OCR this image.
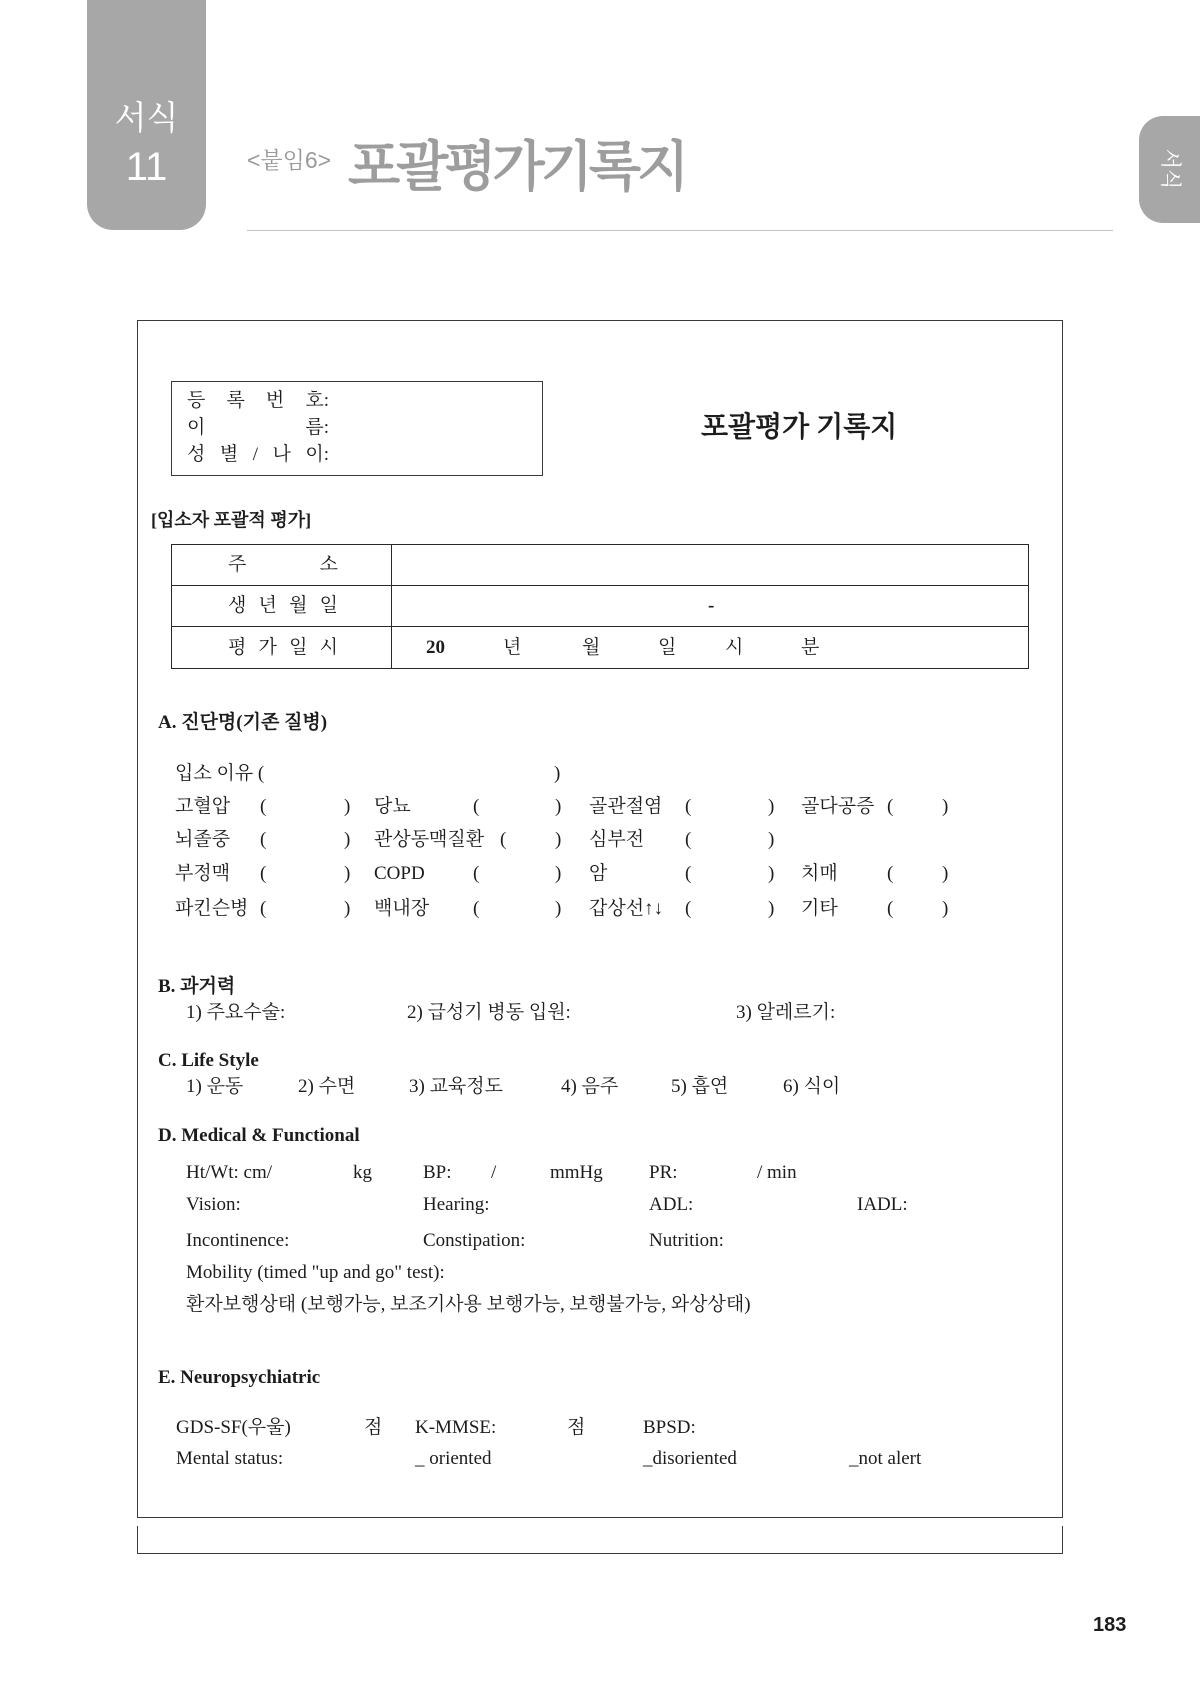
서식
11	<붙임6> 포괄평가기록지	서식
등 록 번 호:
이 름:
성 별 / 나 이:
포괄평가 기록지
[입소자 포괄적 평가]
주 소
생 년 월 일	-
평 가 일 시	20	년	월	일	시	분
A. 진단명(기존 질병)
입소 이유 (	)
고혈압 (	) 당뇨	(	) 골관절염 (	) 골다공증 (	)
뇌졸중 (	) 관상동맥질환 (	) 심부전 (	)
부정맥 (	) COPD	(	) 암	(	) 치매	(	)
파킨슨병 (	) 백내장 (	) 갑상선↑↓ (	) 기타	(	)
B. 과거력
1) 주요수술:	2) 급성기 병동 입원:	3) 알레르기:
C. Life Style
1) 운동	2) 수면	3) 교육정도	4) 음주	5) 흡연	6) 식이
D. Medical & Functional
Ht/Wt: cm/	kg	BP: /	mmHg PR:	/ min
Vision:	Hearing:	ADL:	IADL:
Incontinence:	Constipation:	Nutrition:
Mobility (timed "up and go" test):
환자보행상태 (보행가능, 보조기사용 보행가능, 보행불가능, 와상상태)
E. Neuropsychiatric
GDS-SF(우울)	점 K-MMSE:	점	BPSD:
Mental status:	_ oriented	_disoriented	_not alert
183
